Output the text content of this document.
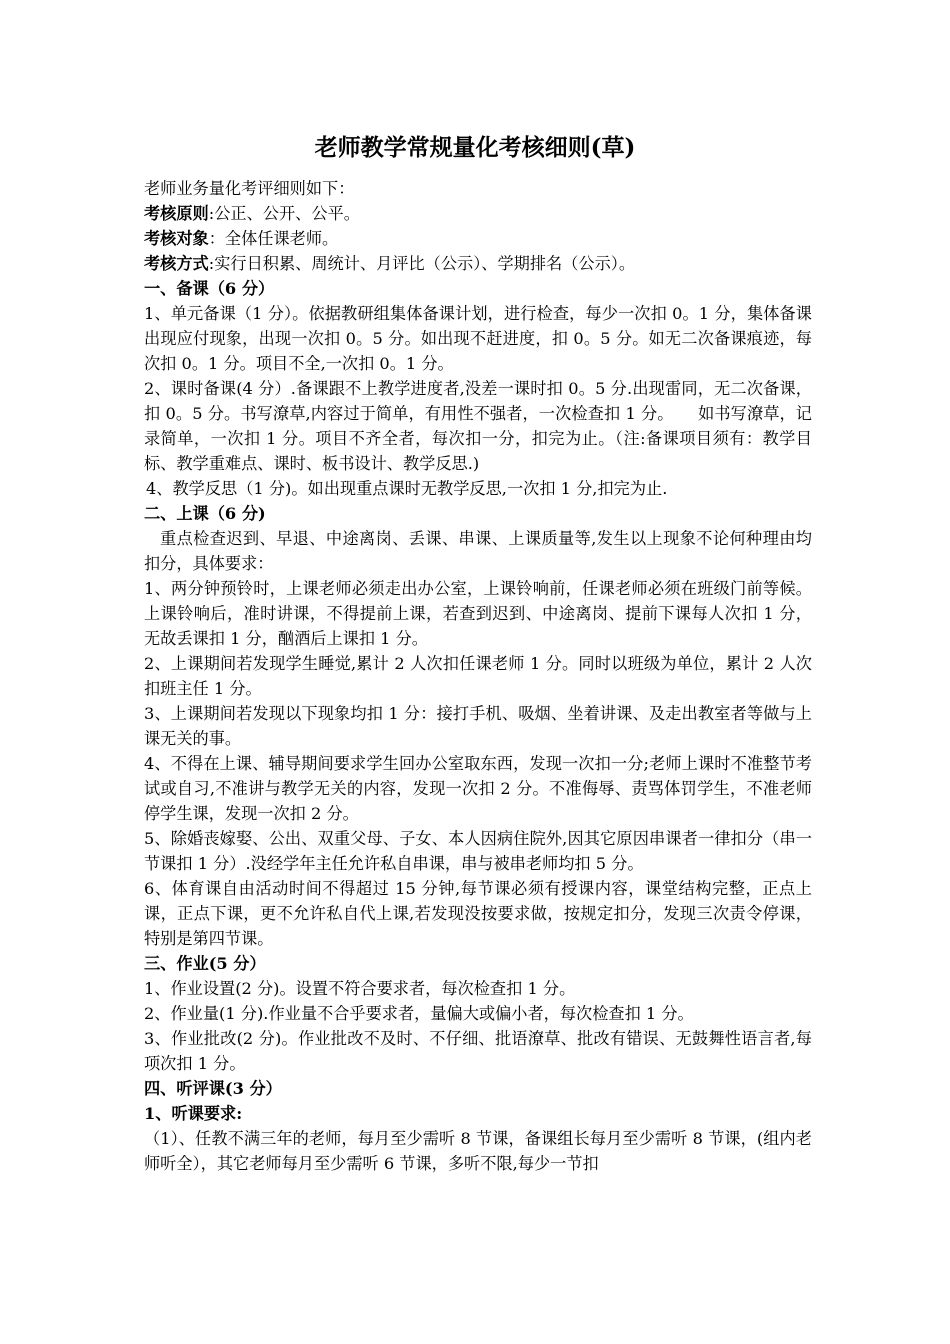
老师教学常规量化考核细则(草)

老师业务量化考评细则如下：

考核原则:公正、公开、公平。

考核对象：全体任课老师。

考核方式:实行日积累、周统计、月评比（公示）、学期排名（公示）。

一、备课（6 分）

1、单元备课（1 分）。依据教研组集体备课计划，进行检查，每少一次扣 0。1 分，集体备课出现应付现象，出现一次扣 0。5 分。如出现不赶进度，扣 0。5 分。如无二次备课痕迹，每次扣 0。1 分。项目不全,一次扣 0。1 分。

2、课时备课(4 分）.备课跟不上教学进度者,没差一课时扣 0。5 分.出现雷同，无二次备课，扣 0。5 分。书写潦草,内容过于简单，有用性不强者，一次检查扣 1 分。　　如书写潦草，记录简单，一次扣 1 分。项目不齐全者，每次扣一分，扣完为止。（注:备课项目须有：教学目标、教学重难点、课时、板书设计、教学反思.)

4、教学反思（1 分)。如出现重点课时无教学反思,一次扣 1 分,扣完为止.

二、上课（6 分)

重点检查迟到、早退、中途离岗、丢课、串课、上课质量等,发生以上现象不论何种理由均扣分，具体要求：

1、两分钟预铃时，上课老师必须走出办公室，上课铃响前，任课老师必须在班级门前等候。上课铃响后，准时讲课，不得提前上课，若查到迟到、中途离岗、提前下课每人次扣 1 分，无故丢课扣 1 分，酗酒后上课扣 1 分。

2、上课期间若发现学生睡觉,累计 2 人次扣任课老师 1 分。同时以班级为单位，累计 2 人次扣班主任 1 分。

3、上课期间若发现以下现象均扣 1 分：接打手机、吸烟、坐着讲课、及走出教室者等做与上课无关的事。

4、不得在上课、辅导期间要求学生回办公室取东西，发现一次扣一分;老师上课时不准整节考试或自习,不准讲与教学无关的内容，发现一次扣 2 分。不准侮辱、责骂体罚学生，不准老师停学生课，发现一次扣 2 分。

5、除婚丧嫁娶、公出、双重父母、子女、本人因病住院外,因其它原因串课者一律扣分（串一节课扣 1 分）.没经学年主任允许私自串课，串与被串老师均扣 5 分。

6、体育课自由活动时间不得超过 15 分钟,每节课必须有授课内容，课堂结构完整，正点上课，正点下课，更不允许私自代上课,若发现没按要求做，按规定扣分，发现三次责令停课，特别是第四节课。

三、作业(5 分）

1、作业设置(2 分)。设置不符合要求者，每次检查扣 1 分。

2、作业量(1 分).作业量不合乎要求者，量偏大或偏小者，每次检查扣 1 分。

3、作业批改(2 分)。作业批改不及时、不仔细、批语潦草、批改有错误、无鼓舞性语言者,每项次扣 1 分。

四、听评课(3 分）

1、听课要求:

（1）、任教不满三年的老师，每月至少需听 8 节课，备课组长每月至少需听 8 节课，(组内老师听全），其它老师每月至少需听 6 节课，多听不限,每少一节扣
